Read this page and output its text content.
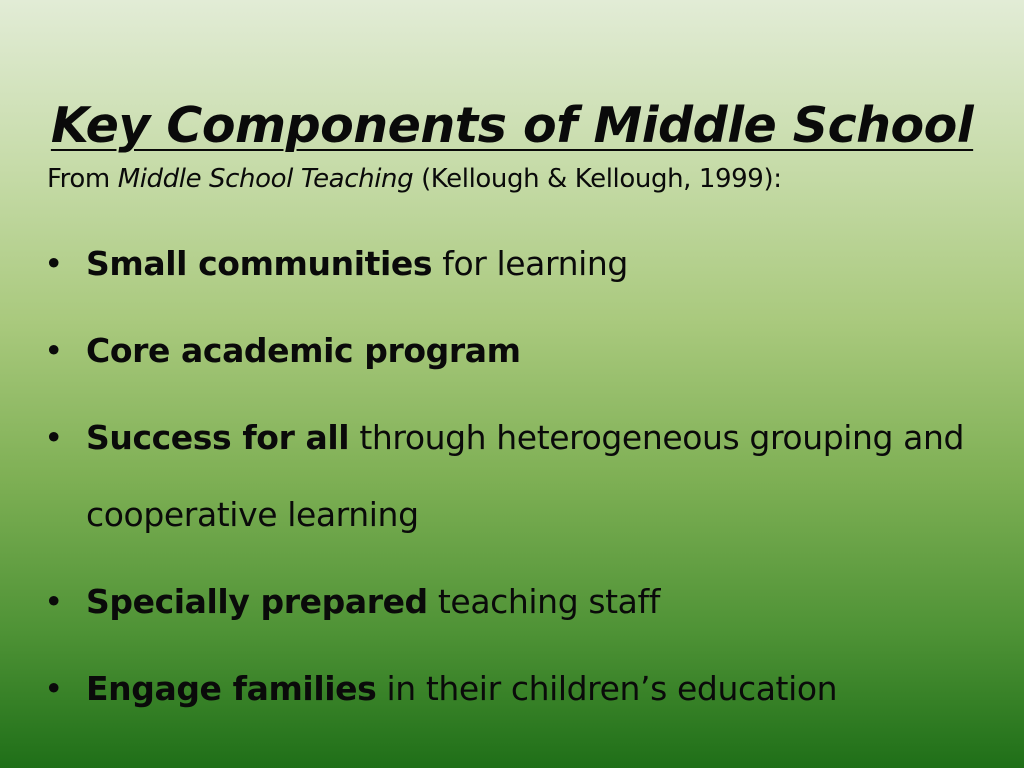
Key Components of Middle School
From Middle School Teaching (Kellough & Kellough, 1999):
• Small communities for learning
• Core academic program
• Success for all through heterogeneous grouping and cooperative learning
• Specially prepared teaching staff
• Engage families in their children’s education
